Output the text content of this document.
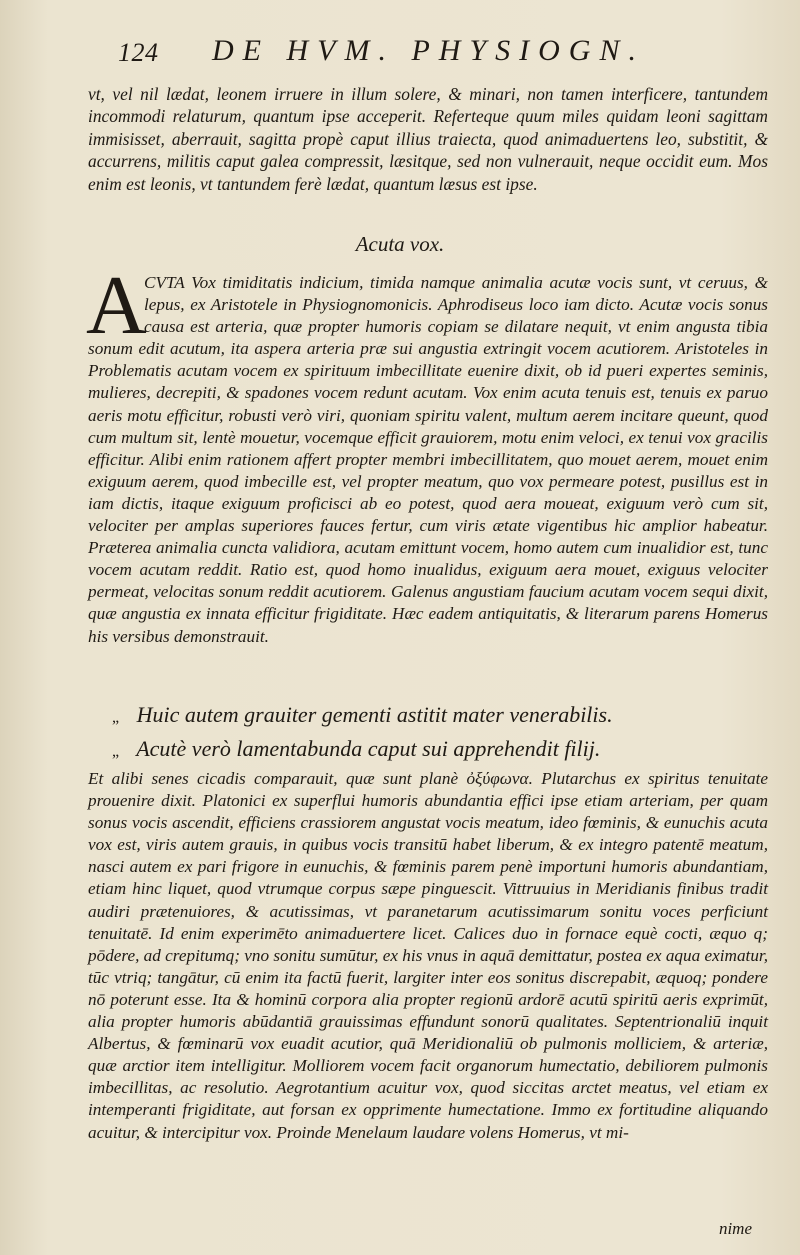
124 DE HVM. PHYSIOGN.

vt, vel nil lædat, leonem irruere in illum solere, & minari, non tamen interficere, tantundem incommodi relaturum, quantum ipse acceperit. Referteque quum miles quidam leoni sagittam immisisset, aberrauit, sagitta propè caput illius traiecta, quod animaduertens leo, substitit, & accurrens, militis caput galea compressit, læsitque, sed non vulnerauit, neque occidit eum. Mos enim est leonis, vt tantundem ferè lædat, quantum læsus est ipse.

Acuta vox.
A

CVTA Vox timiditatis indicium, timida namque animalia acutæ vocis sunt, vt ceruus, & lepus, ex Aristotele in Physiognomonicis. Aphrodiseus loco iam dicto. Acutæ vocis sonus causa est arteria, quæ propter humoris copiam se dilatare nequit, vt enim angusta tibia sonum edit acutum, ita aspera arteria præ sui angustia extringit vocem acutiorem. Aristoteles in Problematis acutam vocem ex spirituum imbecillitate euenire dixit, ob id pueri expertes seminis, mulieres, decrepiti, & spadones vocem redunt acutam. Vox enim acuta tenuis est, tenuis ex paruo aeris motu efficitur, robusti verò viri, quoniam spiritu valent, multum aerem incitare queunt, quod cum multum sit, lentè mouetur, vocemque efficit grauiorem, motu enim veloci, ex tenui vox gracilis efficitur. Alibi enim rationem affert propter membri imbecillitatem, quo mouet aerem, mouet enim exiguum aerem, quod imbecille est, vel propter meatum, quo vox permeare potest, pusillus est in iam dictis, itaque exiguum proficisci ab eo potest, quod aera moueat, exiguum verò cum sit, velociter per amplas superiores fauces fertur, cum viris ætate vigentibus hic amplior habeatur. Præterea animalia cuncta validiora, acutam emittunt vocem, homo autem cum inualidior est, tunc vocem acutam reddit. Ratio est, quod homo inualidus, exiguum aera mouet, exiguus velociter permeat, velocitas sonum reddit acutiorem. Galenus angustiam faucium acutam vocem sequi dixit, quæ angustia ex innata efficitur frigiditate. Hæc eadem antiquitatis, & literarum parens Homerus his versibus demonstrauit.

„ Huic autem grauiter gementi astitit mater venerabilis.
„ Acutè verò lamentabunda caput sui apprehendit filij.

Et alibi senes cicadis comparauit, quæ sunt planè ὀξύφωνα. Plutarchus ex spiritus tenuitate prouenire dixit. Platonici ex superflui humoris abundantia effici ipse etiam arteriam, per quam sonus vocis ascendit, efficiens crassiorem angustat vocis meatum, ideo fœminis, & eunuchis acuta vox est, viris autem grauis, in quibus vocis transitū habet liberum, & ex integro patentē meatum, nasci autem ex pari frigore in eunuchis, & fœminis parem penè importuni humoris abundantiam, etiam hinc liquet, quod vtrumque corpus sæpe pinguescit. Vittruuius in Meridianis finibus tradit audiri prætenuiores, & acutissimas, vt paranetarum acutissimarum sonitu voces perficiunt tenuitatē. Id enim experimēto animaduertere licet. Calices duo in fornace equè cocti, æquo q; pōdere, ad crepitumq; vno sonitu sumūtur, ex his vnus in aquā demittatur, postea ex aqua eximatur, tūc vtriq; tangātur, cū enim ita factū fuerit, largiter inter eos sonitus discrepabit, æquoq; pondere nō poterunt esse. Ita & hominū corpora alia propter regionū ardorē acutū spiritū aeris exprimūt, alia propter humoris abūdantiā grauissimas effundunt sonorū qualitates. Septentrionaliū inquit Albertus, & fœminarū vox euadit acutior, quā Meridionaliū ob pulmonis molliciem, & arteriæ, quæ arctior item intelligitur. Molliorem vocem facit organorum humectatio, debiliorem pulmonis imbecillitas, ac resolutio. Aegrotantium acuitur vox, quod siccitas arctet meatus, vel etiam ex intemperanti frigiditate, aut forsan ex opprimente humectatione. Immo ex fortitudine aliquando acuitur, & intercipitur vox. Proinde Menelaum laudare volens Homerus, vt mi-

nime
